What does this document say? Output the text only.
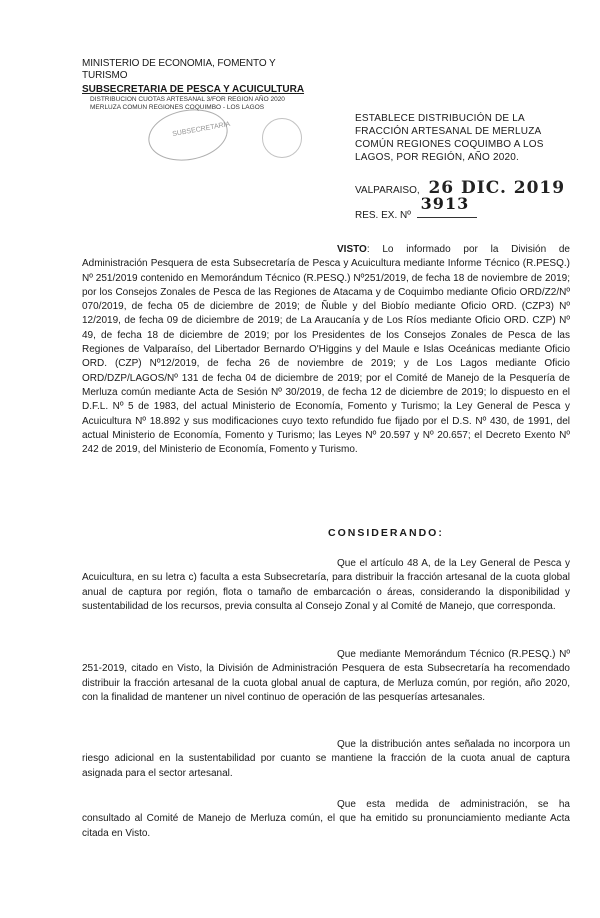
MINISTERIO DE ECONOMIA, FOMENTO Y TURISMO
SUBSECRETARIA DE PESCA Y ACUICULTURA
DISTRIBUCION CUOTAS ARTESANAL 3/FOR REGION AÑO 2020
MERLUZA COMUN REGIONES COQUIMBO - LOS LAGOS
SUBSECRETARIA
ESTABLECE DISTRIBUCIÓN DE LA FRACCIÓN ARTESANAL DE MERLUZA COMÚN REGIONES COQUIMBO A LOS LAGOS, POR REGIÓN, AÑO 2020.
VALPARAISO, 26 DIC. 2019
RES. EX. Nº
3913
VISTO: Lo informado por la División de Administración Pesquera de esta Subsecretaría de Pesca y Acuicultura mediante Informe Técnico (R.PESQ.) Nº 251/2019 contenido en Memorándum Técnico (R.PESQ.) Nº251/2019, de fecha 18 de noviembre de 2019; por los Consejos Zonales de Pesca de las Regiones de Atacama y de Coquimbo mediante Oficio ORD/Z2/Nº 070/2019, de fecha 05 de diciembre de 2019; de Ñuble y del Biobío mediante Oficio ORD. (CZP3) Nº 12/2019, de fecha 09 de diciembre de 2019; de La Araucanía y de Los Ríos mediante Oficio ORD. CZP) Nº 49, de fecha 18 de diciembre de 2019; por los Presidentes de los Consejos Zonales de Pesca de las Regiones de Valparaíso, del Libertador Bernardo O'Higgins y del Maule e Islas Oceánicas mediante Oficio ORD. (CZP) Nº12/2019, de fecha 26 de noviembre de 2019; y de Los Lagos mediante Oficio ORD/DZP/LAGOS/Nº 131 de fecha 04 de diciembre de 2019; por el Comité de Manejo de la Pesquería de Merluza común mediante Acta de Sesión Nº 30/2019, de fecha 12 de diciembre de 2019; lo dispuesto en el D.F.L. Nº 5 de 1983, del actual Ministerio de Economía, Fomento y Turismo; la Ley General de Pesca y Acuicultura Nº 18.892 y sus modificaciones cuyo texto refundido fue fijado por el D.S. Nº 430, de 1991, del actual Ministerio de Economía, Fomento y Turismo; las Leyes Nº 20.597 y Nº 20.657; el Decreto Exento Nº 242 de 2019, del Ministerio de Economía, Fomento y Turismo.
CONSIDERANDO:
Que el artículo 48 A, de la Ley General de Pesca y Acuicultura, en su letra c) faculta a esta Subsecretaría, para distribuir la fracción artesanal de la cuota global anual de captura por región, flota o tamaño de embarcación o áreas, considerando la disponibilidad y sustentabilidad de los recursos, previa consulta al Consejo Zonal y al Comité de Manejo, que corresponda.
Que mediante Memorándum Técnico (R.PESQ.) Nº 251-2019, citado en Visto, la División de Administración Pesquera de esta Subsecretaría ha recomendado distribuir la fracción artesanal de la cuota global anual de captura, de Merluza común, por región, año 2020, con la finalidad de mantener un nivel continuo de operación de las pesquerías artesanales.
Que la distribución antes señalada no incorpora un riesgo adicional en la sustentabilidad por cuanto se mantiene la fracción de la cuota anual de captura asignada para el sector artesanal.
Que esta medida de administración, se ha consultado al Comité de Manejo de Merluza común, el que ha emitido su pronunciamiento mediante Acta citada en Visto.
